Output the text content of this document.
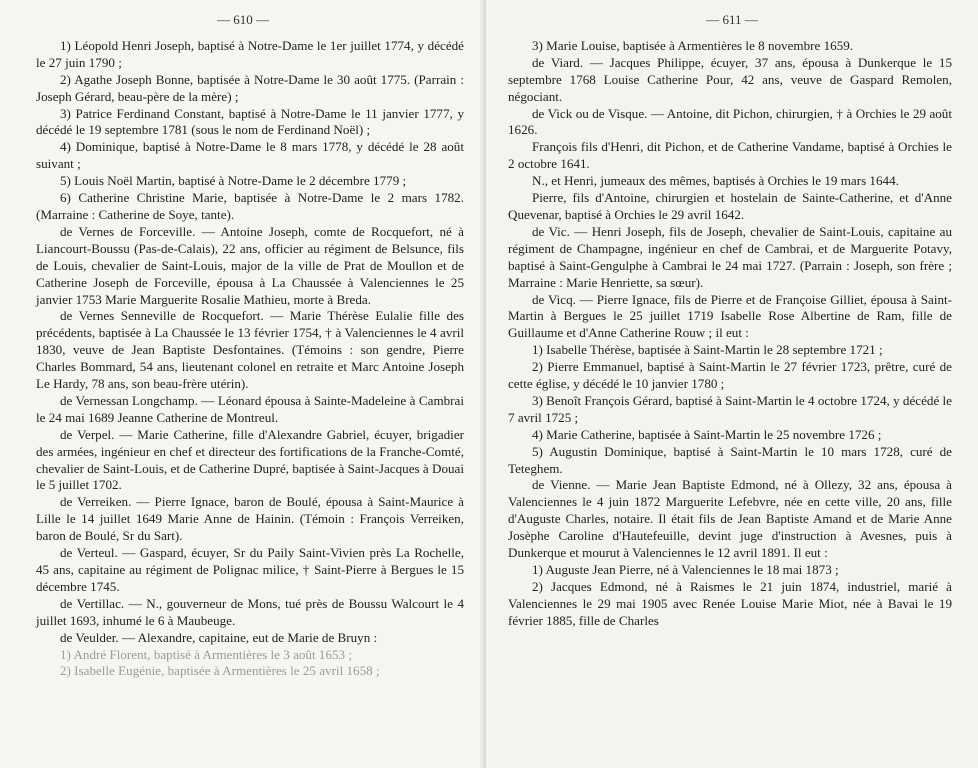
— 610 —

1) Léopold Henri Joseph, baptisé à Notre-Dame le 1er juillet 1774, y décédé le 27 juin 1790 ;

2) Agathe Joseph Bonne, baptisée à Notre-Dame le 30 août 1775. (Parrain : Joseph Gérard, beau-père de la mère) ;

3) Patrice Ferdinand Constant, baptisé à Notre-Dame le 11 janvier 1777, y décédé le 19 septembre 1781 (sous le nom de Ferdinand Noël) ;

4) Dominique, baptisé à Notre-Dame le 8 mars 1778, y décédé le 28 août suivant ;

5) Louis Noël Martin, baptisé à Notre-Dame le 2 décembre 1779 ;

6) Catherine Christine Marie, baptisée à Notre-Dame le 2 mars 1782. (Marraine : Catherine de Soye, tante).

de Vernes de Forceville. — Antoine Joseph, comte de Rocquefort, né à Liancourt-Boussu (Pas-de-Calais), 22 ans, officier au régiment de Belsunce, fils de Louis, chevalier de Saint-Louis, major de la ville de Prat de Moullon et de Catherine Joseph de Forceville, épousa à La Chaussée à Valenciennes le 25 janvier 1753 Marie Marguerite Rosalie Mathieu, morte à Breda.

de Vernes Senneville de Rocquefort. — Marie Thérèse Eulalie fille des précédents, baptisée à La Chaussée le 13 février 1754, † à Valenciennes le 4 avril 1830, veuve de Jean Baptiste Desfontaines. (Témoins : son gendre, Pierre Charles Bommard, 54 ans, lieutenant colonel en retraite et Marc Antoine Joseph Le Hardy, 78 ans, son beau-frère utérin).

de Vernessan Longchamp. — Léonard épousa à Sainte-Madeleine à Cambrai le 24 mai 1689 Jeanne Catherine de Montreul.

de Verpel. — Marie Catherine, fille d'Alexandre Gabriel, écuyer, brigadier des armées, ingénieur en chef et directeur des fortifications de la Franche-Comté, chevalier de Saint-Louis, et de Catherine Dupré, baptisée à Saint-Jacques à Douai le 5 juillet 1702.

de Verreiken. — Pierre Ignace, baron de Boulé, épousa à Saint-Maurice à Lille le 14 juillet 1649 Marie Anne de Hainin. (Témoin : François Verreiken, baron de Boulé, Sr du Sart).

de Verteul. — Gaspard, écuyer, Sr du Paily Saint-Vivien près La Rochelle, 45 ans, capitaine au régiment de Polignac milice, † Saint-Pierre à Bergues le 15 décembre 1745.

de Vertillac. — N., gouverneur de Mons, tué près de Boussu Walcourt le 4 juillet 1693, inhumé le 6 à Maubeuge.

de Veulder. — Alexandre, capitaine, eut de Marie de Bruyn :

1) André Florent, baptisé à Armentières le 3 août 1653 ;

2) Isabelle Eugénie, baptisée à Armentières le 25 avril 1658 ;

— 611 —

3) Marie Louise, baptisée à Armentières le 8 novembre 1659.

de Viard. — Jacques Philippe, écuyer, 37 ans, épousa à Dunkerque le 15 septembre 1768 Louise Catherine Pour, 42 ans, veuve de Gaspard Remolen, négociant.

de Vick ou de Visque. — Antoine, dit Pichon, chirurgien, † à Orchies le 29 août 1626.

François fils d'Henri, dit Pichon, et de Catherine Vandame, baptisé à Orchies le 2 octobre 1641.

N., et Henri, jumeaux des mêmes, baptisés à Orchies le 19 mars 1644.

Pierre, fils d'Antoine, chirurgien et hostelain de Sainte-Catherine, et d'Anne Quevenar, baptisé à Orchies le 29 avril 1642.

de Vic. — Henri Joseph, fils de Joseph, chevalier de Saint-Louis, capitaine au régiment de Champagne, ingénieur en chef de Cambrai, et de Marguerite Potavy, baptisé à Saint-Gengulphe à Cambrai le 24 mai 1727. (Parrain : Joseph, son frère ; Marraine : Marie Henriette, sa sœur).

de Vicq. — Pierre Ignace, fils de Pierre et de Françoise Gilliet, épousa à Saint-Martin à Bergues le 25 juillet 1719 Isabelle Rose Albertine de Ram, fille de Guillaume et d'Anne Catherine Rouw ; il eut :

1) Isabelle Thérèse, baptisée à Saint-Martin le 28 septembre 1721 ;

2) Pierre Emmanuel, baptisé à Saint-Martin le 27 février 1723, prêtre, curé de cette église, y décédé le 10 janvier 1780 ;

3) Benoît François Gérard, baptisé à Saint-Martin le 4 octobre 1724, y décédé le 7 avril 1725 ;

4) Marie Catherine, baptisée à Saint-Martin le 25 novembre 1726 ;

5) Augustin Dominique, baptisé à Saint-Martin le 10 mars 1728, curé de Teteghem.

de Vienne. — Marie Jean Baptiste Edmond, né à Ollezy, 32 ans, épousa à Valenciennes le 4 juin 1872 Marguerite Lefebvre, née en cette ville, 20 ans, fille d'Auguste Charles, notaire. Il était fils de Jean Baptiste Amand et de Marie Anne Josèphe Caroline d'Hautefeuille, devint juge d'instruction à Avesnes, puis à Dunkerque et mourut à Valenciennes le 12 avril 1891. Il eut :

1) Auguste Jean Pierre, né à Valenciennes le 18 mai 1873 ;

2) Jacques Edmond, né à Raismes le 21 juin 1874, industriel, marié à Valenciennes le 29 mai 1905 avec Renée Louise Marie Miot, née à Bavai le 19 février 1885, fille de Charles
